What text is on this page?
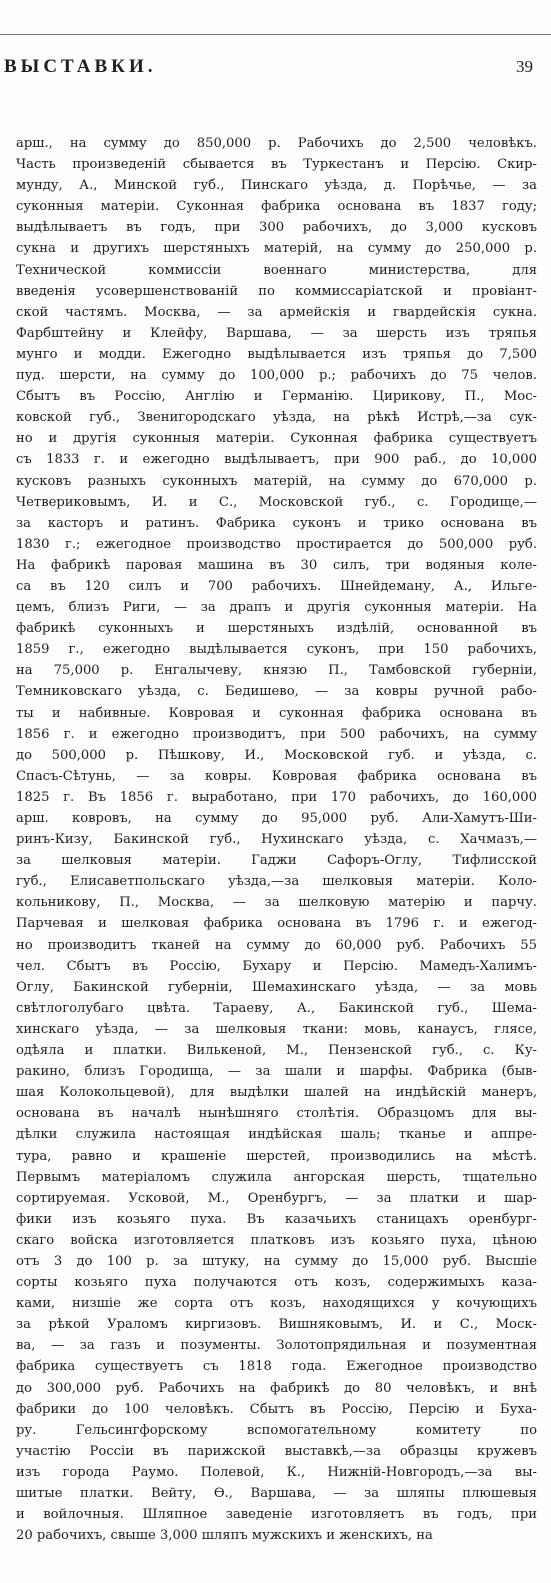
ВЫСТАВКИ.	39
арш., на сумму до 850,000 р. Рабочихъ до 2,500 человѣкъ.
Часть произведеній сбывается въ Туркестанъ и Персію. Скир-
мунду, А., Минской губ., Пинскаго уѣзда, д. Порѣчье, — за
суконныя матеріи. Суконная фабрика основана въ 1837 году;
выдѣлываетъ въ годъ, при 300 рабочихъ, до 3,000 кусковъ
сукна и другихъ шерстяныхъ матерій, на сумму до 250,000 р.
Технической коммиссіи военнаго министерства, для
введенія усовершенствованій по коммиссаріатской и провіант-
ской частямъ. Москва, — за армейскія и гвардейскія сукна.
Фарбштейну и Клейфу, Варшава, — за шерсть изъ тряпья
мунго и модди. Ежегодно выдѣлывается изъ тряпья до 7,500
пуд. шерсти, на сумму до 100,000 р.; рабочихъ до 75 челов.
Сбытъ въ Россію, Англію и Германію. Цирикову, П., Мос-
ковской губ., Звенигородскаго уѣзда, на рѣкѣ Истрѣ,—за сук-
но и другія суконныя матеріи. Суконная фабрика существуетъ
съ 1833 г. и ежегодно выдѣлываетъ, при 900 раб., до 10,000
кусковъ разныхъ суконныхъ матерій, на сумму до 670,000 р.
Четвериковымъ, И. и С., Московской губ., с. Городище,—
за касторъ и ратинъ. Фабрика суконъ и трико основана въ
1830 г.; ежегодное производство простирается до 500,000 руб.
На фабрикѣ паровая машина въ 30 силъ, три водяныя коле-
са въ 120 силъ и 700 рабочихъ. Шнейдеману, А., Ильге-
цемъ, близъ Риги, — за драпъ и другія суконныя матеріи. На
фабрикѣ суконныхъ и шерстяныхъ издѣлій, основанной въ
1859 г., ежегодно выдѣлывается суконъ, при 150 рабочихъ,
на 75,000 р. Енгалычеву, князю П., Тамбовской губерніи,
Темниковскаго уѣзда, с. Бедишево, — за ковры ручной рабо-
ты и набивные. Ковровая и суконная фабрика основана въ
1856 г. и ежегодно производитъ, при 500 рабочихъ, на сумму
до 500,000 р. Пѣшкову, И., Московской губ. и уѣзда, с.
Спасъ-Сѣтунь, — за ковры. Ковровая фабрика основана въ
1825 г. Въ 1856 г. выработано, при 170 рабочихъ, до 160,000
арш. ковровъ, на сумму до 95,000 руб. Али-Хамутъ-Ши-
ринъ-Кизу, Бакинской губ., Нухинскаго уѣзда, с. Хачмазъ,—
за шелковыя матеріи. Гаджи Сафоръ-Оглу, Тифлисской
губ., Елисаветпольскаго уѣзда,—за шелковыя матеріи. Коло-
кольникову, П., Москва, — за шелковую матерію и парчу.
Парчевая и шелковая фабрика основана въ 1796 г. и ежегод-
но производитъ тканей на сумму до 60,000 руб. Рабочихъ 55
чел. Сбытъ въ Россію, Бухару и Персію. Мамедъ-Халимъ-
Оглу, Бакинской губерніи, Шемахинскаго уѣзда, — за мовь
свѣтлоголубаго цвѣта. Тараеву, А., Бакинской губ., Шема-
хинскаго уѣзда, — за шелковыя ткани: мовь, канаусъ, глясе,
одѣяла и платки. Вилькеной, М., Пензенской губ., с. Ку-
ракино, близъ Городища, — за шали и шарфы. Фабрика (быв-
шая Колокольцевой), для выдѣлки шалей на индѣйскій манеръ,
основана въ началѣ нынѣшняго столѣтія. Образцомъ для вы-
дѣлки служила настоящая индѣйская шаль; тканье и аппре-
тура, равно и крашеніе шерстей, производились на мѣстѣ.
Первымъ матеріаломъ служила ангорская шерсть, тщательно
сортируемая. Усковой, М., Оренбургъ, — за платки и шар-
фики изъ козьяго пуха. Въ казачьихъ станицахъ оренбург-
скаго войска изготовляется платковъ изъ козьяго пуха, цѣною
отъ 3 до 100 р. за штуку, на сумму до 15,000 руб. Высшіе
сорты козьяго пуха получаются отъ козъ, содержимыхъ каза-
ками, низшіе же сорта отъ козъ, находящихся у кочующихъ
за рѣкой Ураломъ киргизовъ. Вишняковымъ, И. и С., Моск-
ва, — за газъ и позументы. Золотопрядильная и позументная
фабрика существуетъ съ 1818 года. Ежегодное производство
до 300,000 руб. Рабочихъ на фабрикѣ до 80 человѣкъ, и внѣ
фабрики до 100 человѣкъ. Сбытъ въ Россію, Персію и Буха-
ру. Гельсингфорскому вспомогательному комитету по
участію Россіи въ парижской выставкѣ,—за образцы кружевъ
изъ города Раумо. Полевой, К., Нижній-Новгородъ,—за вы-
шитые платки. Вейту, Ѳ., Варшава, — за шляпы плюшевыя
и войлочныя. Шляпное заведеніе изготовляетъ въ годъ, при
20 рабочихъ, свыше 3,000 шляпъ мужскихъ и женскихъ, на
